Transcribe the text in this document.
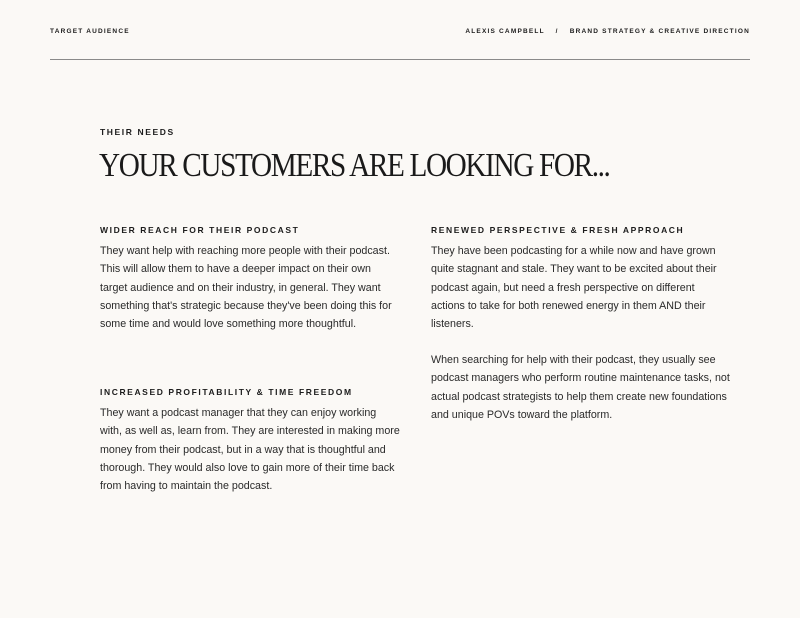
TARGET AUDIENCE	ALEXIS CAMPBELL / BRAND STRATEGY & CREATIVE DIRECTION
THEIR NEEDS
YOUR CUSTOMERS ARE LOOKING FOR...
WIDER REACH FOR THEIR PODCAST

They want help with reaching more people with their podcast. This will allow them to have a deeper impact on their own target audience and on their industry, in general. They want something that's strategic because they've been doing this for some time and would love something more thoughtful.

INCREASED PROFITABILITY & TIME FREEDOM

They want a podcast manager that they can enjoy working with, as well as, learn from. They are interested in making more money from their podcast, but in a way that is thoughtful and thorough. They would also love to gain more of their time back from having to maintain the podcast.

RENEWED PERSPECTIVE & FRESH APPROACH

They have been podcasting for a while now and have grown quite stagnant and stale. They want to be excited about their podcast again, but need a fresh perspective on different actions to take for both renewed energy in them AND their listeners.

When searching for help with their podcast, they usually see podcast managers who perform routine maintenance tasks, not actual podcast strategists to help them create new foundations and unique POVs toward the platform.
